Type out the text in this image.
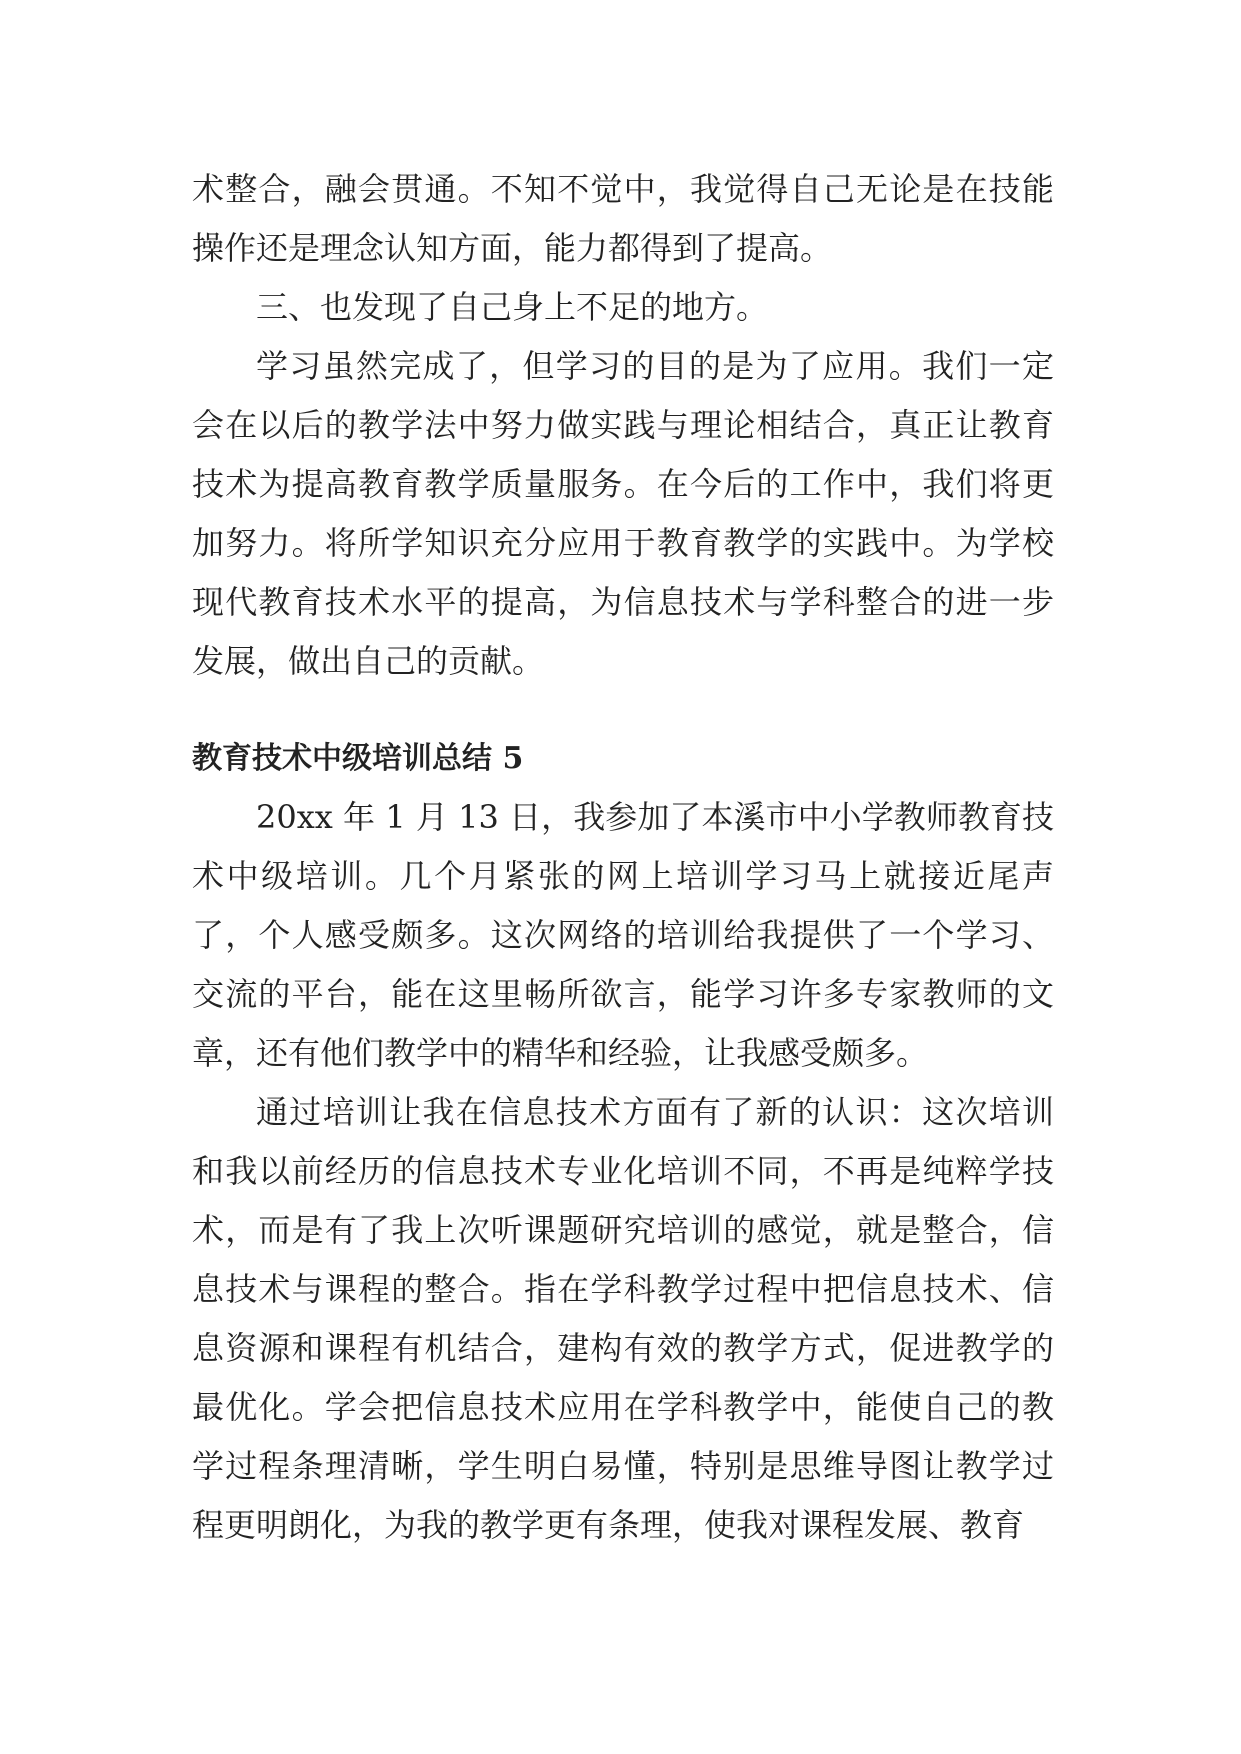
术整合，融会贯通。不知不觉中，我觉得自己无论是在技能操作还是理念认知方面，能力都得到了提高。

三、也发现了自己身上不足的地方。

学习虽然完成了，但学习的目的是为了应用。我们一定会在以后的教学法中努力做实践与理论相结合，真正让教育技术为提高教育教学质量服务。在今后的工作中，我们将更加努力。将所学知识充分应用于教育教学的实践中。为学校现代教育技术水平的提高，为信息技术与学科整合的进一步发展，做出自己的贡献。

教育技术中级培训总结 5

20xx 年 1 月 13 日，我参加了本溪市中小学教师教育技术中级培训。几个月紧张的网上培训学习马上就接近尾声了，个人感受颇多。这次网络的培训给我提供了一个学习、交流的平台，能在这里畅所欲言，能学习许多专家教师的文章，还有他们教学中的精华和经验，让我感受颇多。

通过培训让我在信息技术方面有了新的认识：这次培训和我以前经历的信息技术专业化培训不同，不再是纯粹学技术，而是有了我上次听课题研究培训的感觉，就是整合，信息技术与课程的整合。指在学科教学过程中把信息技术、信息资源和课程有机结合，建构有效的教学方式，促进教学的最优化。学会把信息技术应用在学科教学中，能使自己的教学过程条理清晰，学生明白易懂，特别是思维导图让教学过程更明朗化，为我的教学更有条理，使我对课程发展、教育
